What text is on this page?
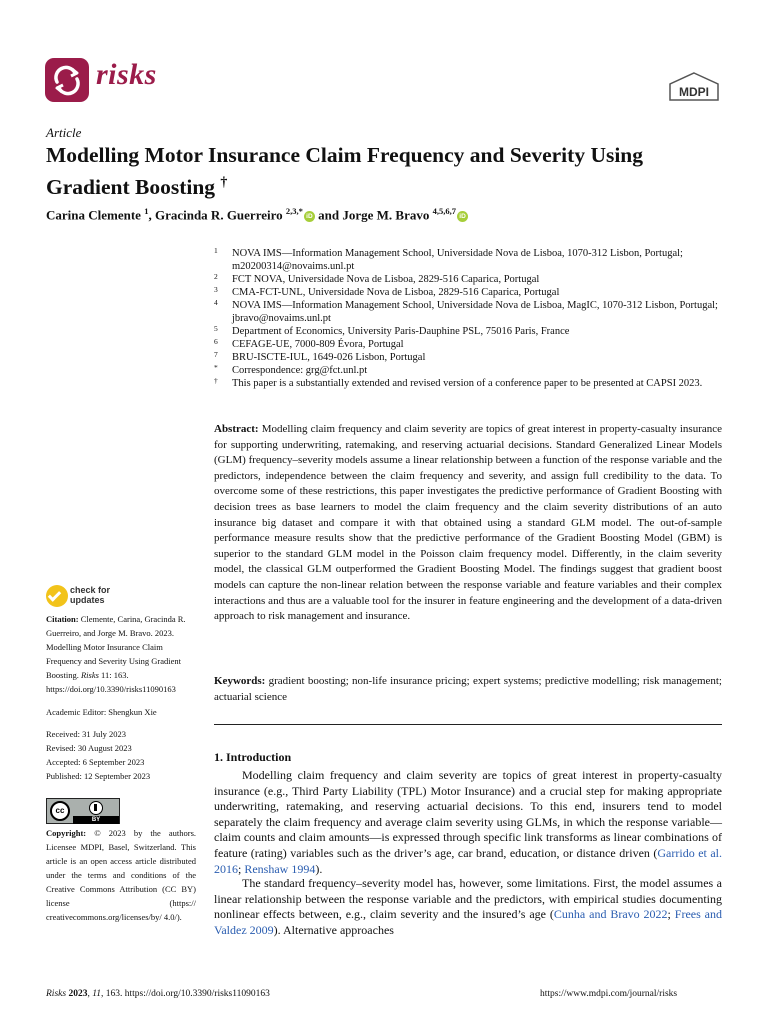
risks
MDPI
Article
Modelling Motor Insurance Claim Frequency and Severity Using Gradient Boosting †
Carina Clemente $^1$, Gracinda R. Guerreiro $^{2,3,*}$iD and Jorge M. Bravo $^{4,5,6,7}$iD
1 NOVA IMS—Information Management School, Universidade Nova de Lisboa, 1070-312 Lisbon, Portugal; m20200314@novaims.unl.pt
2 FCT NOVA, Universidade Nova de Lisboa, 2829-516 Caparica, Portugal
3 CMA-FCT-UNL, Universidade Nova de Lisboa, 2829-516 Caparica, Portugal
4 NOVA IMS—Information Management School, Universidade Nova de Lisboa, MagIC, 1070-312 Lisbon, Portugal; jbravo@novaims.unl.pt
5 Department of Economics, University Paris-Dauphine PSL, 75016 Paris, France
6 CEFAGE-UE, 7000-809 Évora, Portugal
7 BRU-ISCTE-IUL, 1649-026 Lisbon, Portugal
* Correspondence: grg@fct.unl.pt
† This paper is a substantially extended and revised version of a conference paper to be presented at CAPSI 2023.
Abstract: Modelling claim frequency and claim severity are topics of great interest in property-casualty insurance for supporting underwriting, ratemaking, and reserving actuarial decisions. Standard Generalized Linear Models (GLM) frequency–severity models assume a linear relationship between a function of the response variable and the predictors, independence between the claim frequency and severity, and assign full credibility to the data. To overcome some of these restrictions, this paper investigates the predictive performance of Gradient Boosting with decision trees as base learners to model the claim frequency and the claim severity distributions of an auto insurance big dataset and compare it with that obtained using a standard GLM model. The out-of-sample performance measure results show that the predictive performance of the Gradient Boosting Model (GBM) is superior to the standard GLM model in the Poisson claim frequency model. Differently, in the claim severity model, the classical GLM outperformed the Gradient Boosting Model. The findings suggest that gradient boost models can capture the non-linear relation between the response variable and feature variables and their complex interactions and thus are a valuable tool for the insurer in feature engineering and the development of a data-driven approach to risk management and insurance.
Keywords: gradient boosting; non-life insurance pricing; expert systems; predictive modelling; risk management; actuarial science
check for
updates
Citation: Clemente, Carina, Gracinda R. Guerreiro, and Jorge M. Bravo. 2023. Modelling Motor Insurance Claim Frequency and Severity Using Gradient Boosting. Risks 11: 163. https://doi.org/10.3390/risks11090163
Academic Editor: Shengkun Xie
Received: 31 July 2023
Revised: 30 August 2023
Accepted: 6 September 2023
Published: 12 September 2023
cc
BY
Copyright: © 2023 by the authors. Licensee MDPI, Basel, Switzerland. This article is an open access article distributed under the terms and conditions of the Creative Commons Attribution (CC BY) license (https:// creativecommons.org/licenses/by/ 4.0/).
1. Introduction
Modelling claim frequency and claim severity are topics of great interest in property-casualty insurance (e.g., Third Party Liability (TPL) Motor Insurance) and a crucial step for making appropriate underwriting, ratemaking, and reserving actuarial decisions. To this end, insurers tend to model separately the claim frequency and average claim severity using GLMs, in which the response variable—claim counts and claim amounts—is expressed through specific link transforms as linear combinations of feature (rating) variables such as the driver’s age, car brand, education, or distance driven (Garrido et al. 2016; Renshaw 1994).
The standard frequency–severity model has, however, some limitations. First, the model assumes a linear relationship between the response variable and the predictors, with empirical studies documenting nonlinear effects between, e.g., claim severity and the insured’s age (Cunha and Bravo 2022; Frees and Valdez 2009). Alternative approaches
Risks 2023, 11, 163. https://doi.org/10.3390/risks11090163	https://www.mdpi.com/journal/risks
